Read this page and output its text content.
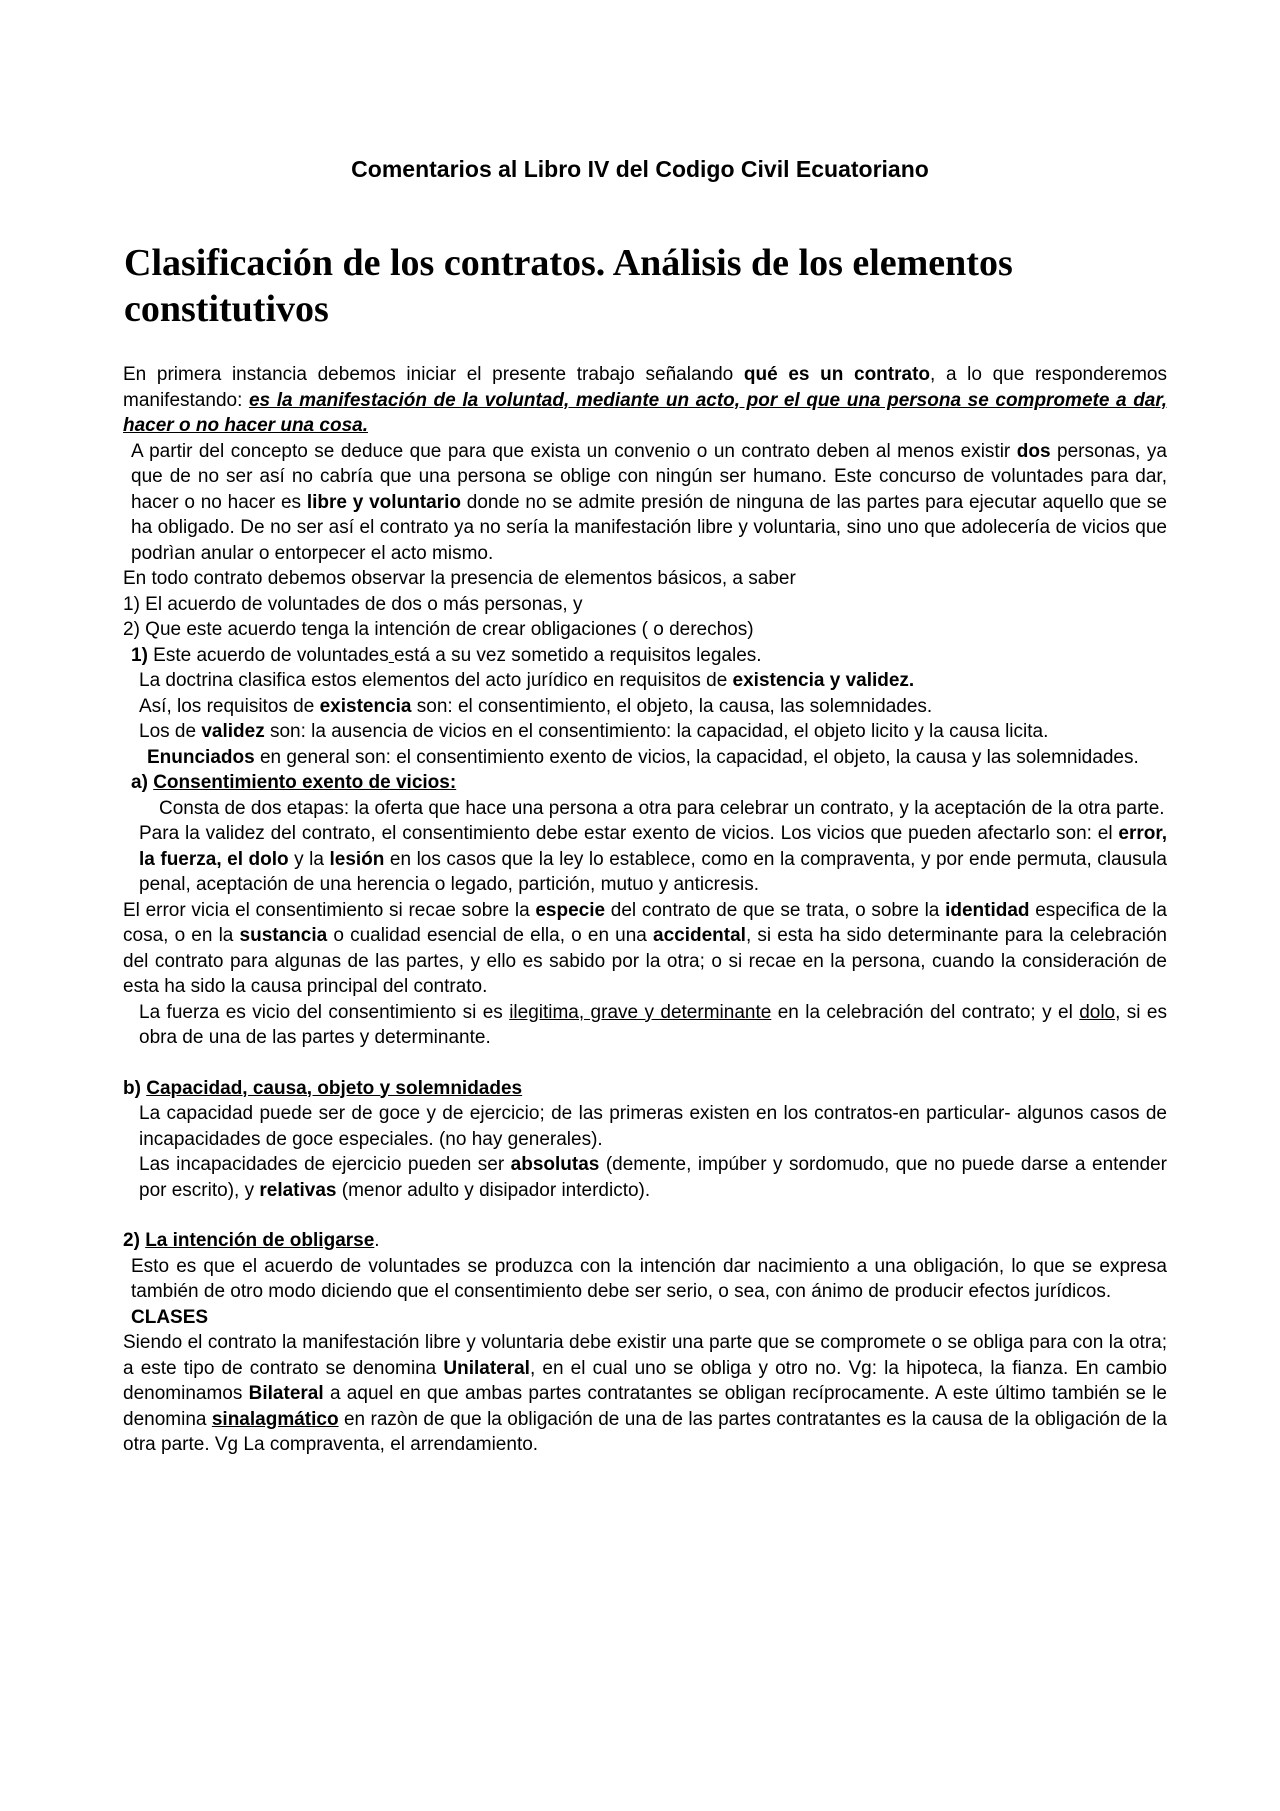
Comentarios al Libro IV del Codigo Civil Ecuatoriano
Clasificación de los contratos. Análisis de los elementos constitutivos

En primera instancia debemos iniciar el presente trabajo señalando qué es un contrato, a lo que responderemos manifestando: es la manifestación de la voluntad, mediante un acto, por el que una persona se compromete a dar, hacer o no hacer una cosa.

A partir del concepto se deduce que para que exista un convenio o un contrato deben al menos existir dos personas, ya que de no ser así no cabría que una persona se oblige con ningún ser humano. Este concurso de voluntades para dar, hacer o no hacer es libre y voluntario donde no se admite presión de ninguna de las partes para ejecutar aquello que se ha obligado. De no ser así el contrato ya no sería la manifestación libre y voluntaria, sino uno que adolecería de vicios que podrìan anular o entorpecer el acto mismo.

En todo contrato debemos observar la presencia de elementos básicos, a saber

1) El acuerdo de voluntades de dos o más personas, y

2) Que este acuerdo tenga la intención de crear obligaciones ( o derechos)

1) Este acuerdo de voluntades está a su vez sometido a requisitos legales.

La doctrina clasifica estos elementos del acto jurídico en requisitos de existencia y validez.

Así, los requisitos de existencia son: el consentimiento, el objeto, la causa, las solemnidades.

Los de validez son: la ausencia de vicios en el consentimiento: la capacidad, el objeto licito y la causa licita.

Enunciados en general son: el consentimiento exento de vicios, la capacidad, el objeto, la causa y las solemnidades.

a) Consentimiento exento de vicios:

Consta de dos etapas: la oferta que hace una persona a otra para celebrar un contrato, y la aceptación de la otra parte.

Para la validez del contrato, el consentimiento debe estar exento de vicios. Los vicios que pueden afectarlo son: el error, la fuerza, el dolo y la lesión en los casos que la ley lo establece, como en la compraventa, y por ende permuta, clausula penal, aceptación de una herencia o legado, partición, mutuo y anticresis.

El error vicia el consentimiento si recae sobre la especie del contrato de que se trata, o sobre la identidad especifica de la cosa, o en la sustancia o cualidad esencial de ella, o en una accidental, si esta ha sido determinante para la celebración del contrato para algunas de las partes, y ello es sabido por la otra; o si recae en la persona, cuando la consideración de esta ha sido la causa principal del contrato.

La fuerza es vicio del consentimiento si es ilegitima, grave y determinante en la celebración del contrato; y el dolo, si es obra de una de las partes y determinante.

b) Capacidad, causa, objeto y solemnidades

La capacidad puede ser de goce y de ejercicio; de las primeras existen en los contratos-en particular- algunos casos de incapacidades de goce especiales. (no hay generales).

Las incapacidades de ejercicio pueden ser absolutas (demente, impúber y sordomudo, que no puede darse a entender por escrito), y relativas (menor adulto y disipador interdicto).

2) La intención de obligarse.

Esto es que el acuerdo de voluntades se produzca con la intención dar nacimiento a una obligación, lo que se expresa también de otro modo diciendo que el consentimiento debe ser serio, o sea, con ánimo de producir efectos jurídicos.

CLASES

Siendo el contrato la manifestación libre y voluntaria debe existir una parte que se compromete o se obliga para con la otra; a este tipo de contrato se denomina Unilateral, en el cual uno se obliga y otro no. Vg: la hipoteca, la fianza. En cambio denominamos Bilateral a aquel en que ambas partes contratantes se obligan recíprocamente. A este último también se le denomina sinalagmático en razòn de que la obligación de una de las partes contratantes es la causa de la obligación de la otra parte. Vg La compraventa, el arrendamiento.
